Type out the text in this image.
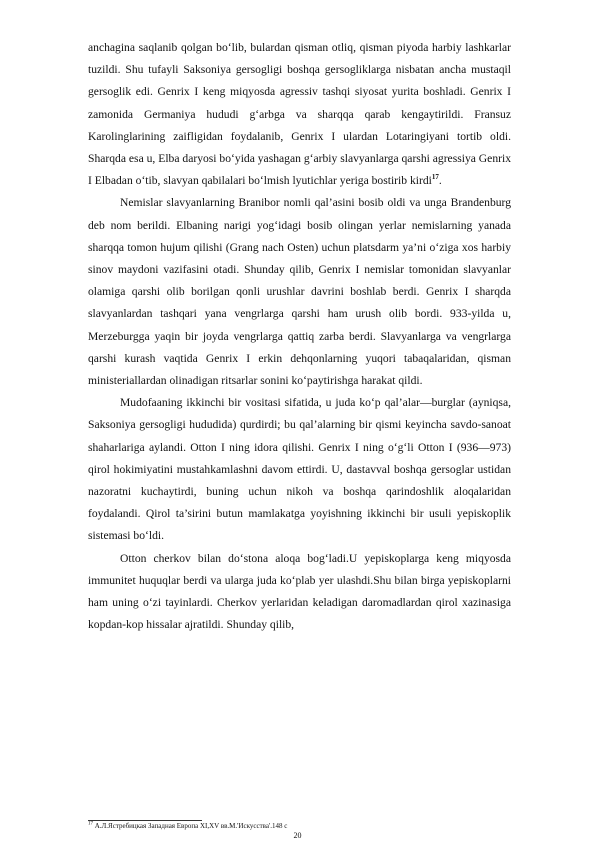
anchagina saqlanib qolgan bo‘lib, bulardan qisman otliq, qisman piyoda harbiy lashkarlar tuzildi. Shu tufayli Saksoniya gersogligi boshqa gersogliklarga nisbatan ancha mustaqil gersoglik edi. Genrix I keng miqyosda agressiv tashqi siyosat yurita boshladi. Genrix I zamonida Germaniya hududi g‘arbga va sharqqa qarab kengaytirildi. Fransuz Karolinglarining zaifligidan foydalanib, Genrix I ulardan Lotaringiyani tortib oldi. Sharqda esa u, Elba daryosi bo‘yida yashagan g‘arbiy slavyanlarga qarshi agressiya Genrix I Elbadan o‘tib, slavyan qabilalari bo‘lmish lyutichlar yeriga bostirib kirdi$^{17}$.

Nemislar slavyanlarning Branibor nomli qal’asini bosib oldi va unga Brandenburg deb nom berildi. Elbaning narigi yog‘idagi bosib olingan yerlar nemislarning yanada sharqqa tomon hujum qilishi (Grang nach Osten) uchun platsdarm ya’ni o‘ziga xos harbiy sinov maydoni vazifasini otadi. Shunday qilib, Genrix I nemislar tomonidan slavyanlar olamiga qarshi olib borilgan qonli urushlar davrini boshlab berdi. Genrix I sharqda slavyanlardan tashqari yana vengrlarga qarshi ham urush olib bordi. 933-yilda u, Merzeburgga yaqin bir joyda vengrlarga qattiq zarba berdi. Slavyanlarga va vengrlarga qarshi kurash vaqtida Genrix I erkin dehqonlarning yuqori tabaqalaridan, qisman ministeriallardan olinadigan ritsarlar sonini ko‘paytirishga harakat qildi.

Mudofaaning ikkinchi bir vositasi sifatida, u juda ko‘p qal’alar—burglar (ayniqsa, Saksoniya gersogligi hududida) qurdirdi; bu qal’alarning bir qismi keyincha savdo-sanoat shaharlariga aylandi. Otton I ning idora qilishi. Genrix I ning o‘g‘li Otton I (936—973) qirol hokimiyatini mustahkamlashni davom ettirdi. U, dastavval boshqa gersoglar ustidan nazoratni kuchaytirdi, buning uchun nikoh va boshqa qarindoshlik aloqalaridan foydalandi. Qirol ta’sirini butun mamlakatga yoyishning ikkinchi bir usuli yepiskoplik sistemasi bo‘ldi.

Otton cherkov bilan do‘stona aloqa bog‘ladi.U yepiskoplarga keng miqyosda immunitet huquqlar berdi va ularga juda ko‘plab yer ulashdi.Shu bilan birga yepiskoplarni ham uning o‘zi tayinlardi. Cherkov yerlaridan keladigan daromadlardan qirol xazinasiga kopdan-kop hissalar ajratildi. Shunday qilib,

$^{17}$ А.Л.Ястребицкая Западная Европа XI,XV вв.М.'Искусства'.148 с
20
